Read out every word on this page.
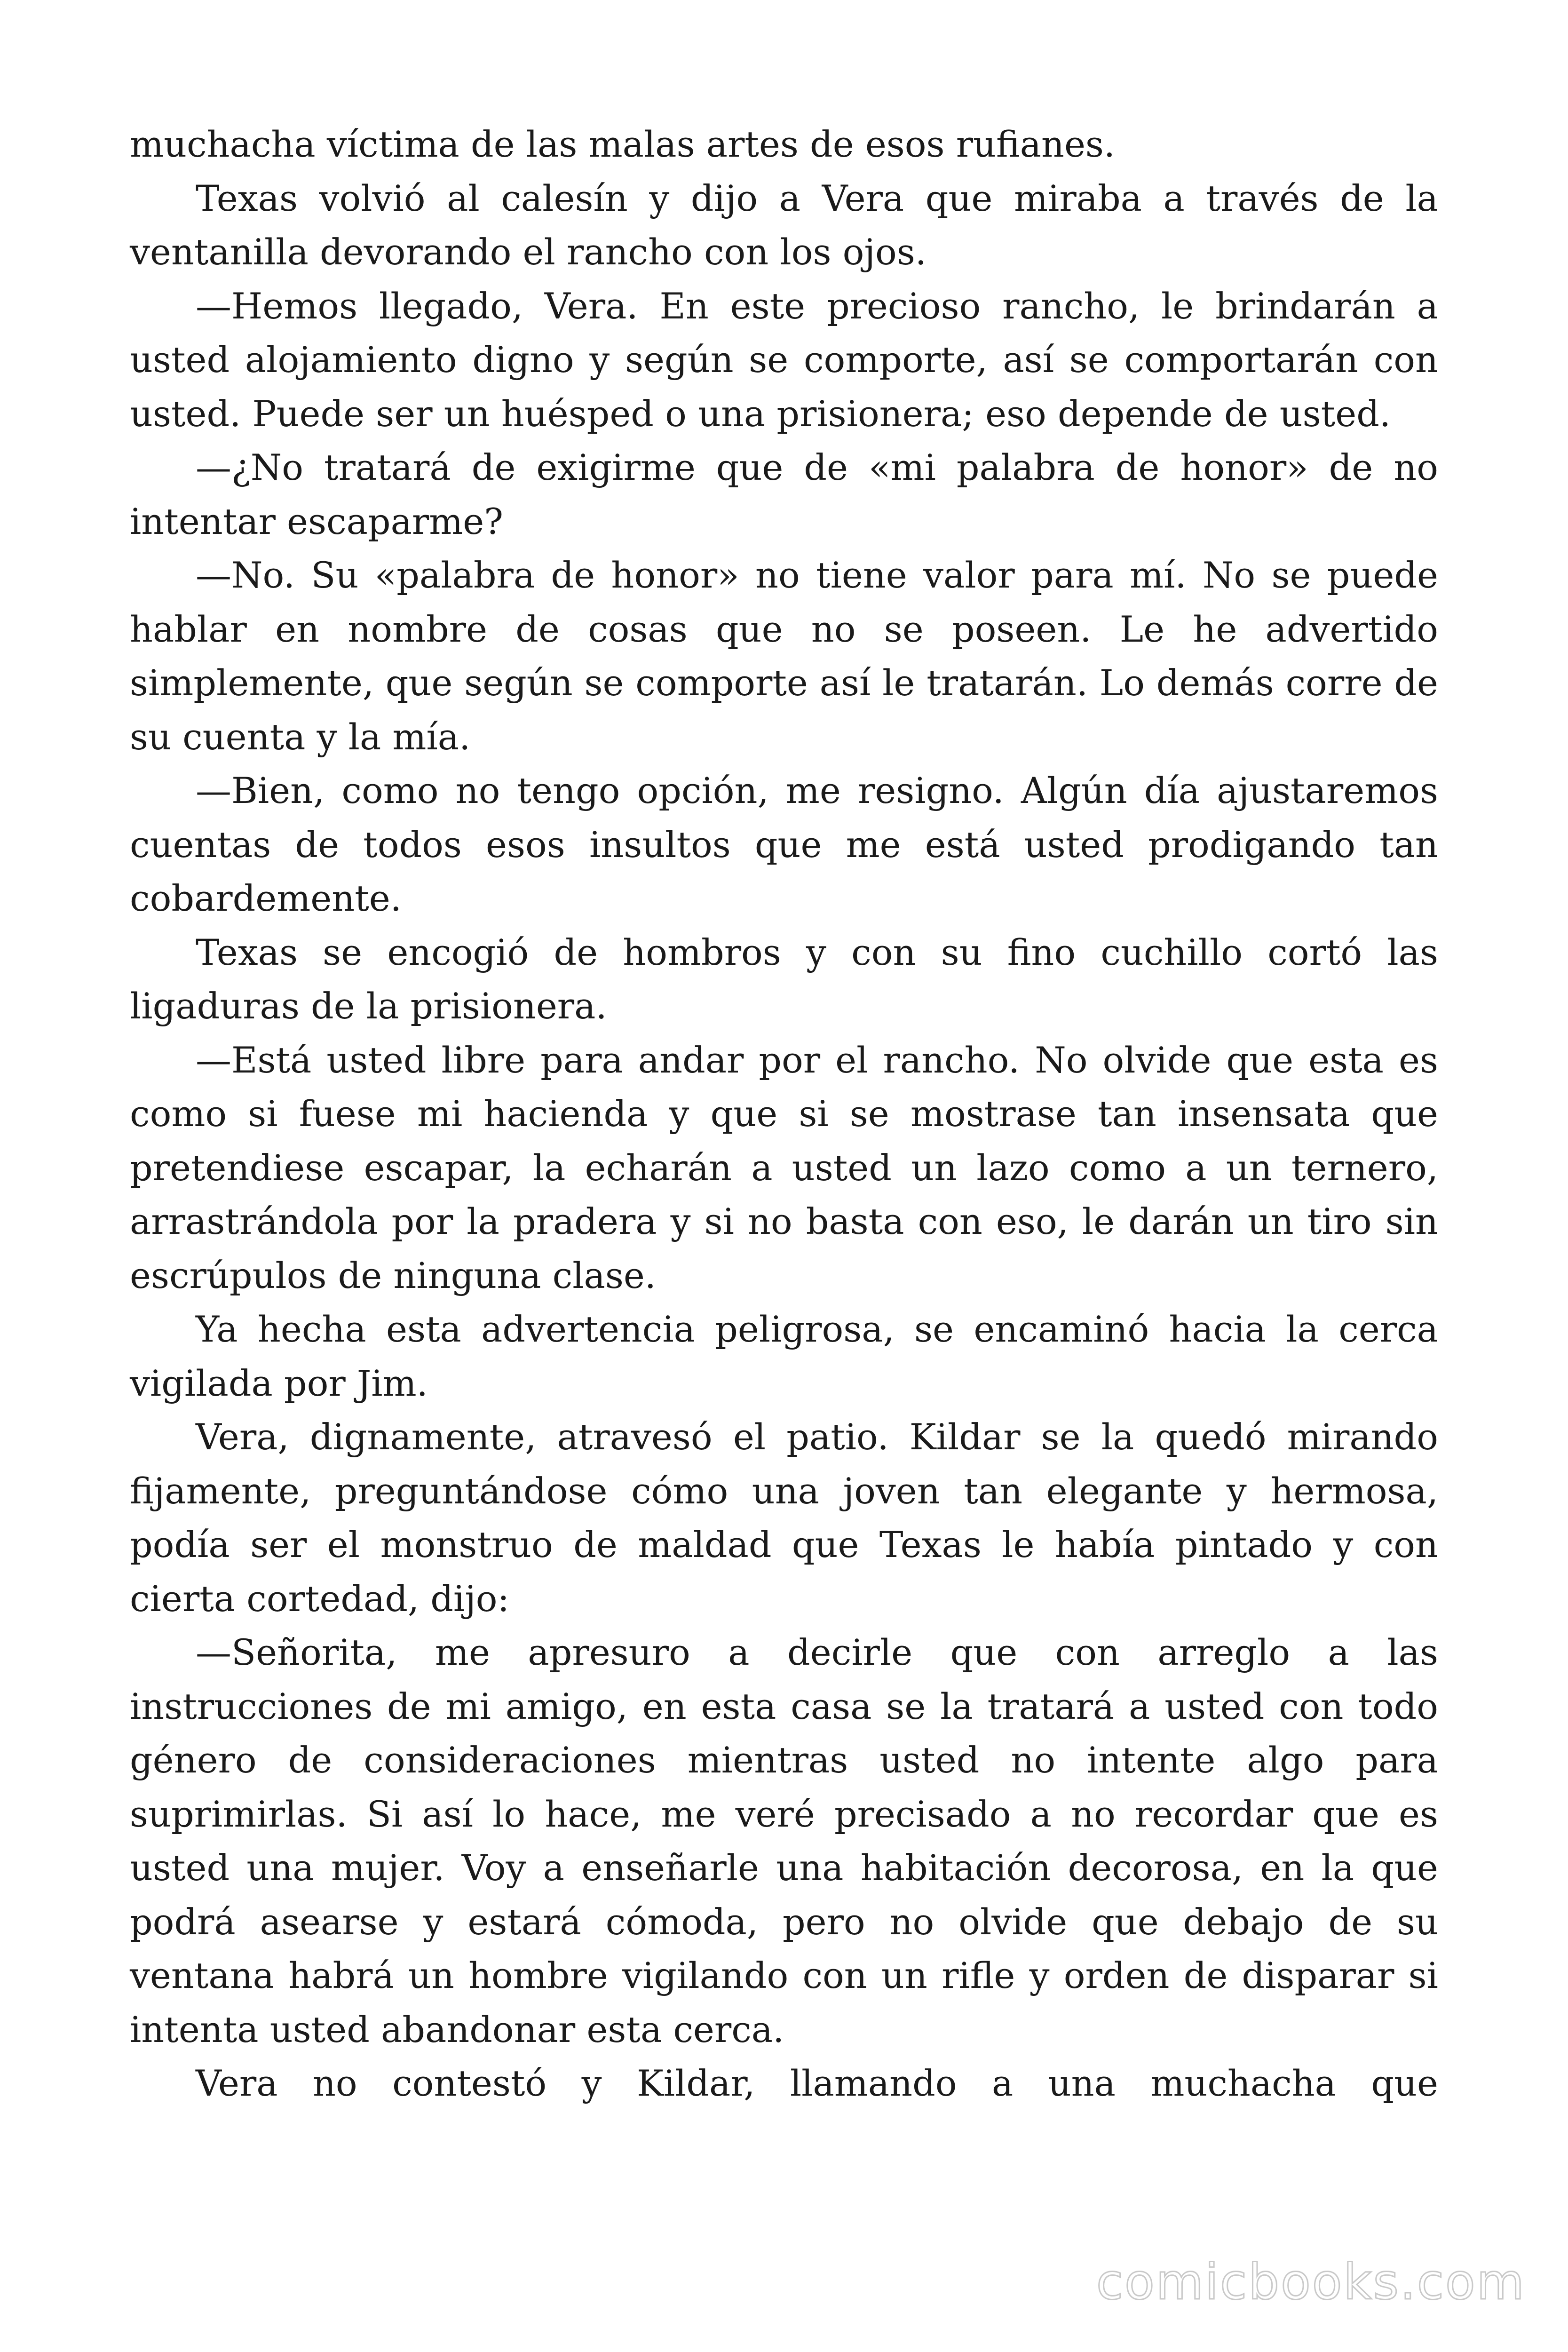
muchacha víctima de las malas artes de esos rufianes.

Texas volvió al calesín y dijo a Vera que miraba a través de la ventanilla devorando el rancho con los ojos.

—Hemos llegado, Vera. En este precioso rancho, le brindarán a usted alojamiento digno y según se comporte, así se comportarán con usted. Puede ser un huésped o una prisionera; eso depende de usted.

—¿No tratará de exigirme que de «mi palabra de honor» de no intentar escaparme?

—No. Su «palabra de honor» no tiene valor para mí. No se puede hablar en nombre de cosas que no se poseen. Le he advertido simplemente, que según se comporte así le tratarán. Lo demás corre de su cuenta y la mía.

—Bien, como no tengo opción, me resigno. Algún día ajustaremos cuentas de todos esos insultos que me está usted prodigando tan cobardemente.

Texas se encogió de hombros y con su fino cuchillo cortó las ligaduras de la prisionera.

—Está usted libre para andar por el rancho. No olvide que esta es como si fuese mi hacienda y que si se mostrase tan insensata que pretendiese escapar, la echarán a usted un lazo como a un ternero, arrastrándola por la pradera y si no basta con eso, le darán un tiro sin escrúpulos de ninguna clase.

Ya hecha esta advertencia peligrosa, se encaminó hacia la cerca vigilada por Jim.

Vera, dignamente, atravesó el patio. Kildar se la quedó mirando fijamente, preguntándose cómo una joven tan elegante y hermosa, podía ser el monstruo de maldad que Texas le había pintado y con cierta cortedad, dijo:

—Señorita, me apresuro a decirle que con arreglo a las instrucciones de mi amigo, en esta casa se la tratará a usted con todo género de consideraciones mientras usted no intente algo para suprimirlas. Si así lo hace, me veré precisado a no recordar que es usted una mujer. Voy a enseñarle una habitación decorosa, en la que podrá asearse y estará cómoda, pero no olvide que debajo de su ventana habrá un hombre vigilando con un rifle y orden de disparar si intenta usted abandonar esta cerca.

Vera no contestó y Kildar, llamando a una muchacha que

comicbooks.com
